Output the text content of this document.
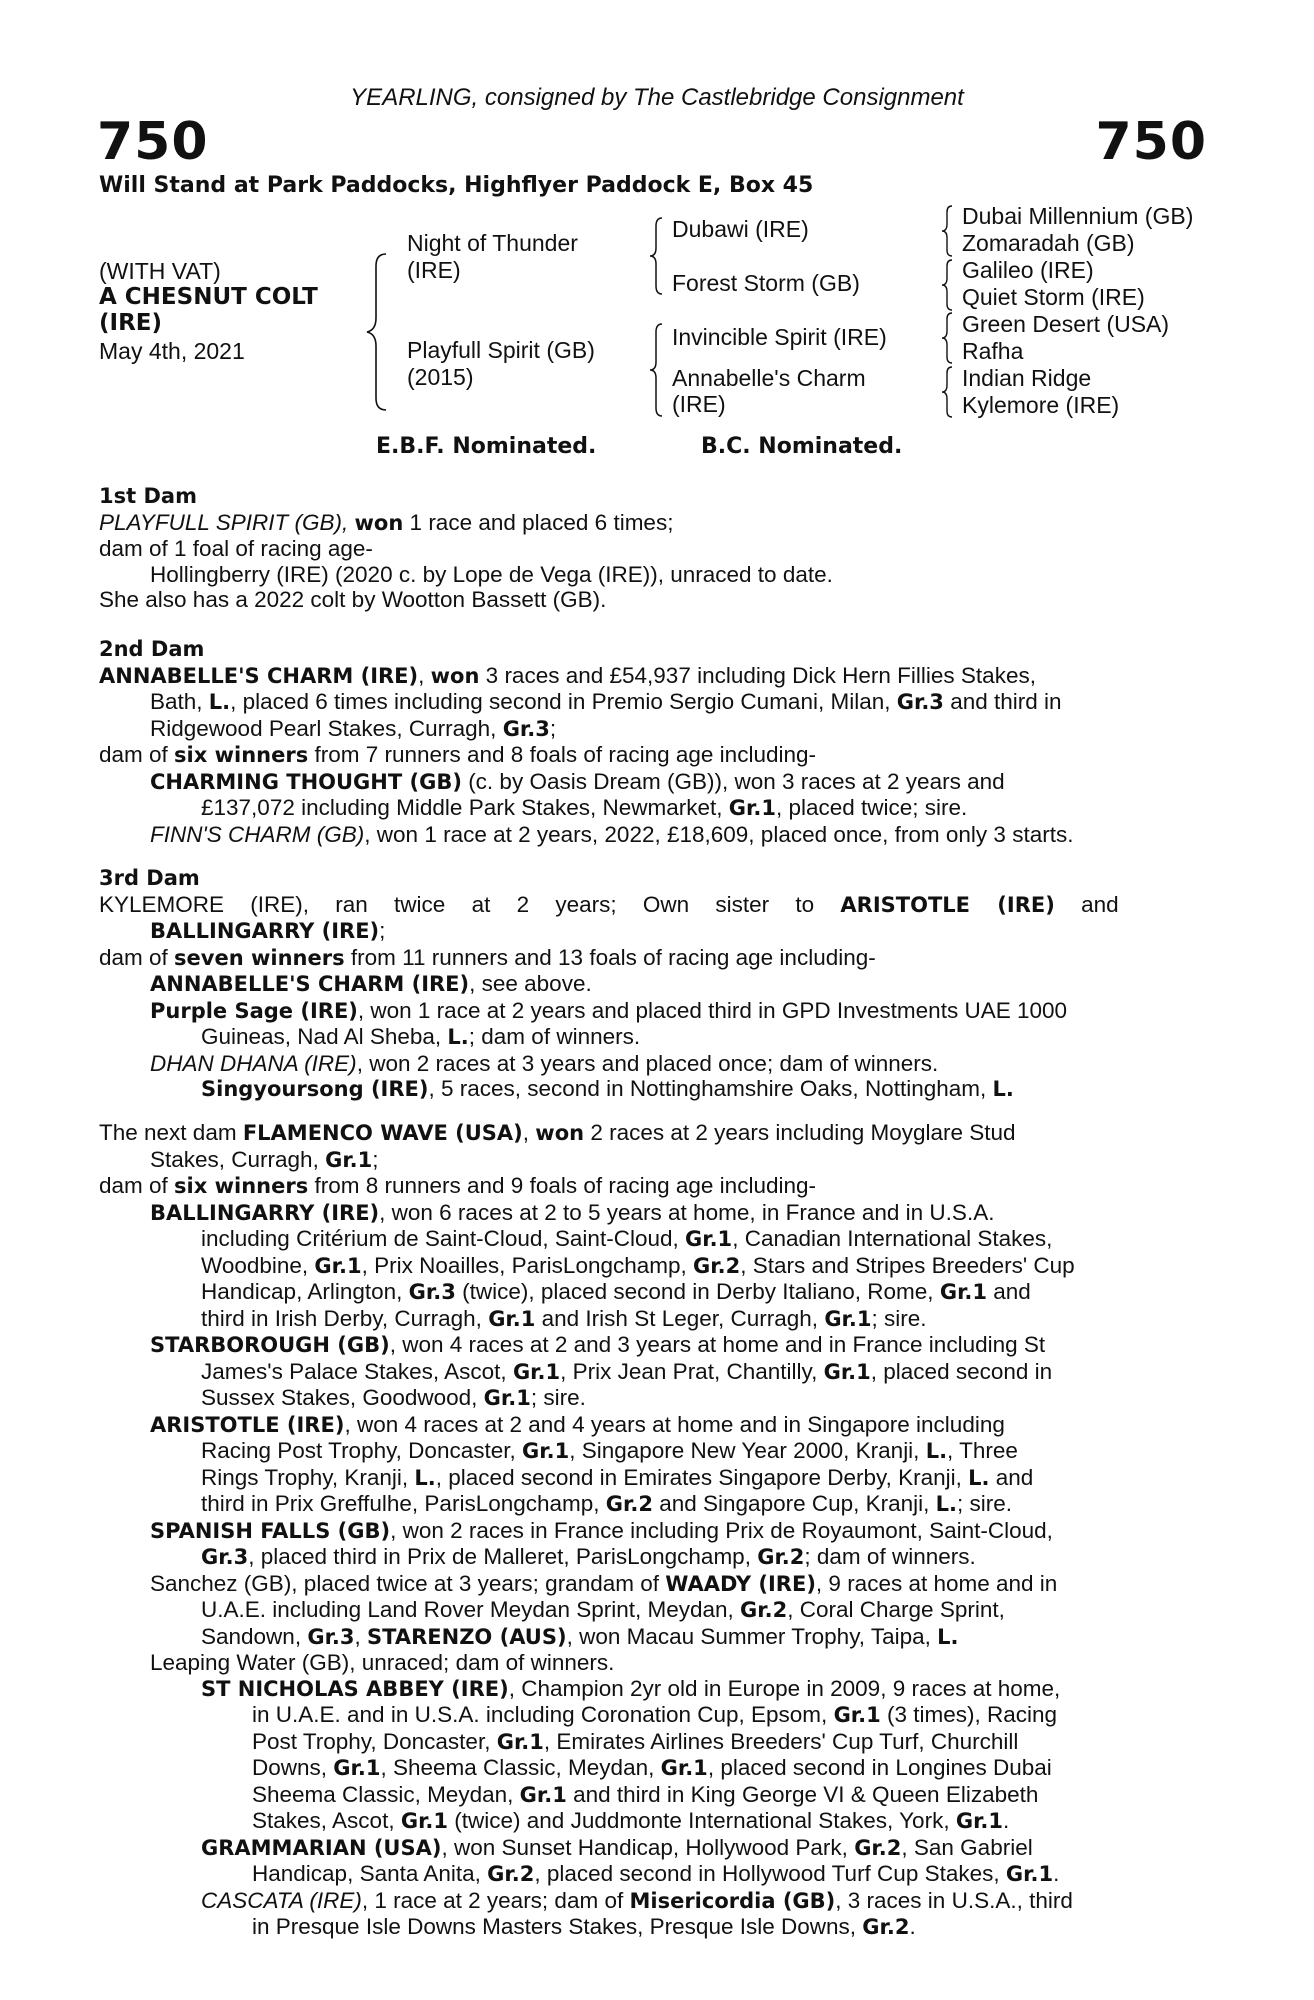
YEARLING, consigned by The Castlebridge Consignment
750	750
Will Stand at Park Paddocks, Highflyer Paddock E, Box 45
(WITH VAT)
A CHESNUT COLT
(IRE)
May 4th, 2021
Night of Thunder
(IRE)
Playfull Spirit (GB)
(2015)
Dubawi (IRE)
Forest Storm (GB)
Invincible Spirit (IRE)
Annabelle's Charm
(IRE)
Dubai Millennium (GB)
Zomaradah (GB)
Galileo (IRE)
Quiet Storm (IRE)
Green Desert (USA)
Rafha
Indian Ridge
Kylemore (IRE)
E.B.F. Nominated.	B.C. Nominated.
1st Dam
PLAYFULL SPIRIT (GB), won 1 race and placed 6 times;
dam of 1 foal of racing age-
Hollingberry (IRE) (2020 c. by Lope de Vega (IRE)), unraced to date.
She also has a 2022 colt by Wootton Bassett (GB).
2nd Dam
ANNABELLE'S CHARM (IRE), won 3 races and £54,937 including Dick Hern Fillies Stakes,
Bath, L., placed 6 times including second in Premio Sergio Cumani, Milan, Gr.3 and third in
Ridgewood Pearl Stakes, Curragh, Gr.3;
dam of six winners from 7 runners and 8 foals of racing age including-
CHARMING THOUGHT (GB) (c. by Oasis Dream (GB)), won 3 races at 2 years and
£137,072 including Middle Park Stakes, Newmarket, Gr.1, placed twice; sire.
FINN'S CHARM (GB), won 1 race at 2 years, 2022, £18,609, placed once, from only 3 starts.
3rd Dam
KYLEMORE (IRE), ran twice at 2 years; Own sister to ARISTOTLE (IRE) and
BALLINGARRY (IRE);
dam of seven winners from 11 runners and 13 foals of racing age including-
ANNABELLE'S CHARM (IRE), see above.
Purple Sage (IRE), won 1 race at 2 years and placed third in GPD Investments UAE 1000
Guineas, Nad Al Sheba, L.; dam of winners.
DHAN DHANA (IRE), won 2 races at 3 years and placed once; dam of winners.
Singyoursong (IRE), 5 races, second in Nottinghamshire Oaks, Nottingham, L.
The next dam FLAMENCO WAVE (USA), won 2 races at 2 years including Moyglare Stud
Stakes, Curragh, Gr.1;
dam of six winners from 8 runners and 9 foals of racing age including-
BALLINGARRY (IRE), won 6 races at 2 to 5 years at home, in France and in U.S.A.
including Critérium de Saint-Cloud, Saint-Cloud, Gr.1, Canadian International Stakes,
Woodbine, Gr.1, Prix Noailles, ParisLongchamp, Gr.2, Stars and Stripes Breeders' Cup
Handicap, Arlington, Gr.3 (twice), placed second in Derby Italiano, Rome, Gr.1 and
third in Irish Derby, Curragh, Gr.1 and Irish St Leger, Curragh, Gr.1; sire.
STARBOROUGH (GB), won 4 races at 2 and 3 years at home and in France including St
James's Palace Stakes, Ascot, Gr.1, Prix Jean Prat, Chantilly, Gr.1, placed second in
Sussex Stakes, Goodwood, Gr.1; sire.
ARISTOTLE (IRE), won 4 races at 2 and 4 years at home and in Singapore including
Racing Post Trophy, Doncaster, Gr.1, Singapore New Year 2000, Kranji, L., Three
Rings Trophy, Kranji, L., placed second in Emirates Singapore Derby, Kranji, L. and
third in Prix Greffulhe, ParisLongchamp, Gr.2 and Singapore Cup, Kranji, L.; sire.
SPANISH FALLS (GB), won 2 races in France including Prix de Royaumont, Saint-Cloud,
Gr.3, placed third in Prix de Malleret, ParisLongchamp, Gr.2; dam of winners.
Sanchez (GB), placed twice at 3 years; grandam of WAADY (IRE), 9 races at home and in
U.A.E. including Land Rover Meydan Sprint, Meydan, Gr.2, Coral Charge Sprint,
Sandown, Gr.3, STARENZO (AUS), won Macau Summer Trophy, Taipa, L.
Leaping Water (GB), unraced; dam of winners.
ST NICHOLAS ABBEY (IRE), Champion 2yr old in Europe in 2009, 9 races at home,
in U.A.E. and in U.S.A. including Coronation Cup, Epsom, Gr.1 (3 times), Racing
Post Trophy, Doncaster, Gr.1, Emirates Airlines Breeders' Cup Turf, Churchill
Downs, Gr.1, Sheema Classic, Meydan, Gr.1, placed second in Longines Dubai
Sheema Classic, Meydan, Gr.1 and third in King George VI & Queen Elizabeth
Stakes, Ascot, Gr.1 (twice) and Juddmonte International Stakes, York, Gr.1.
GRAMMARIAN (USA), won Sunset Handicap, Hollywood Park, Gr.2, San Gabriel
Handicap, Santa Anita, Gr.2, placed second in Hollywood Turf Cup Stakes, Gr.1.
CASCATA (IRE), 1 race at 2 years; dam of Misericordia (GB), 3 races in U.S.A., third
in Presque Isle Downs Masters Stakes, Presque Isle Downs, Gr.2.
